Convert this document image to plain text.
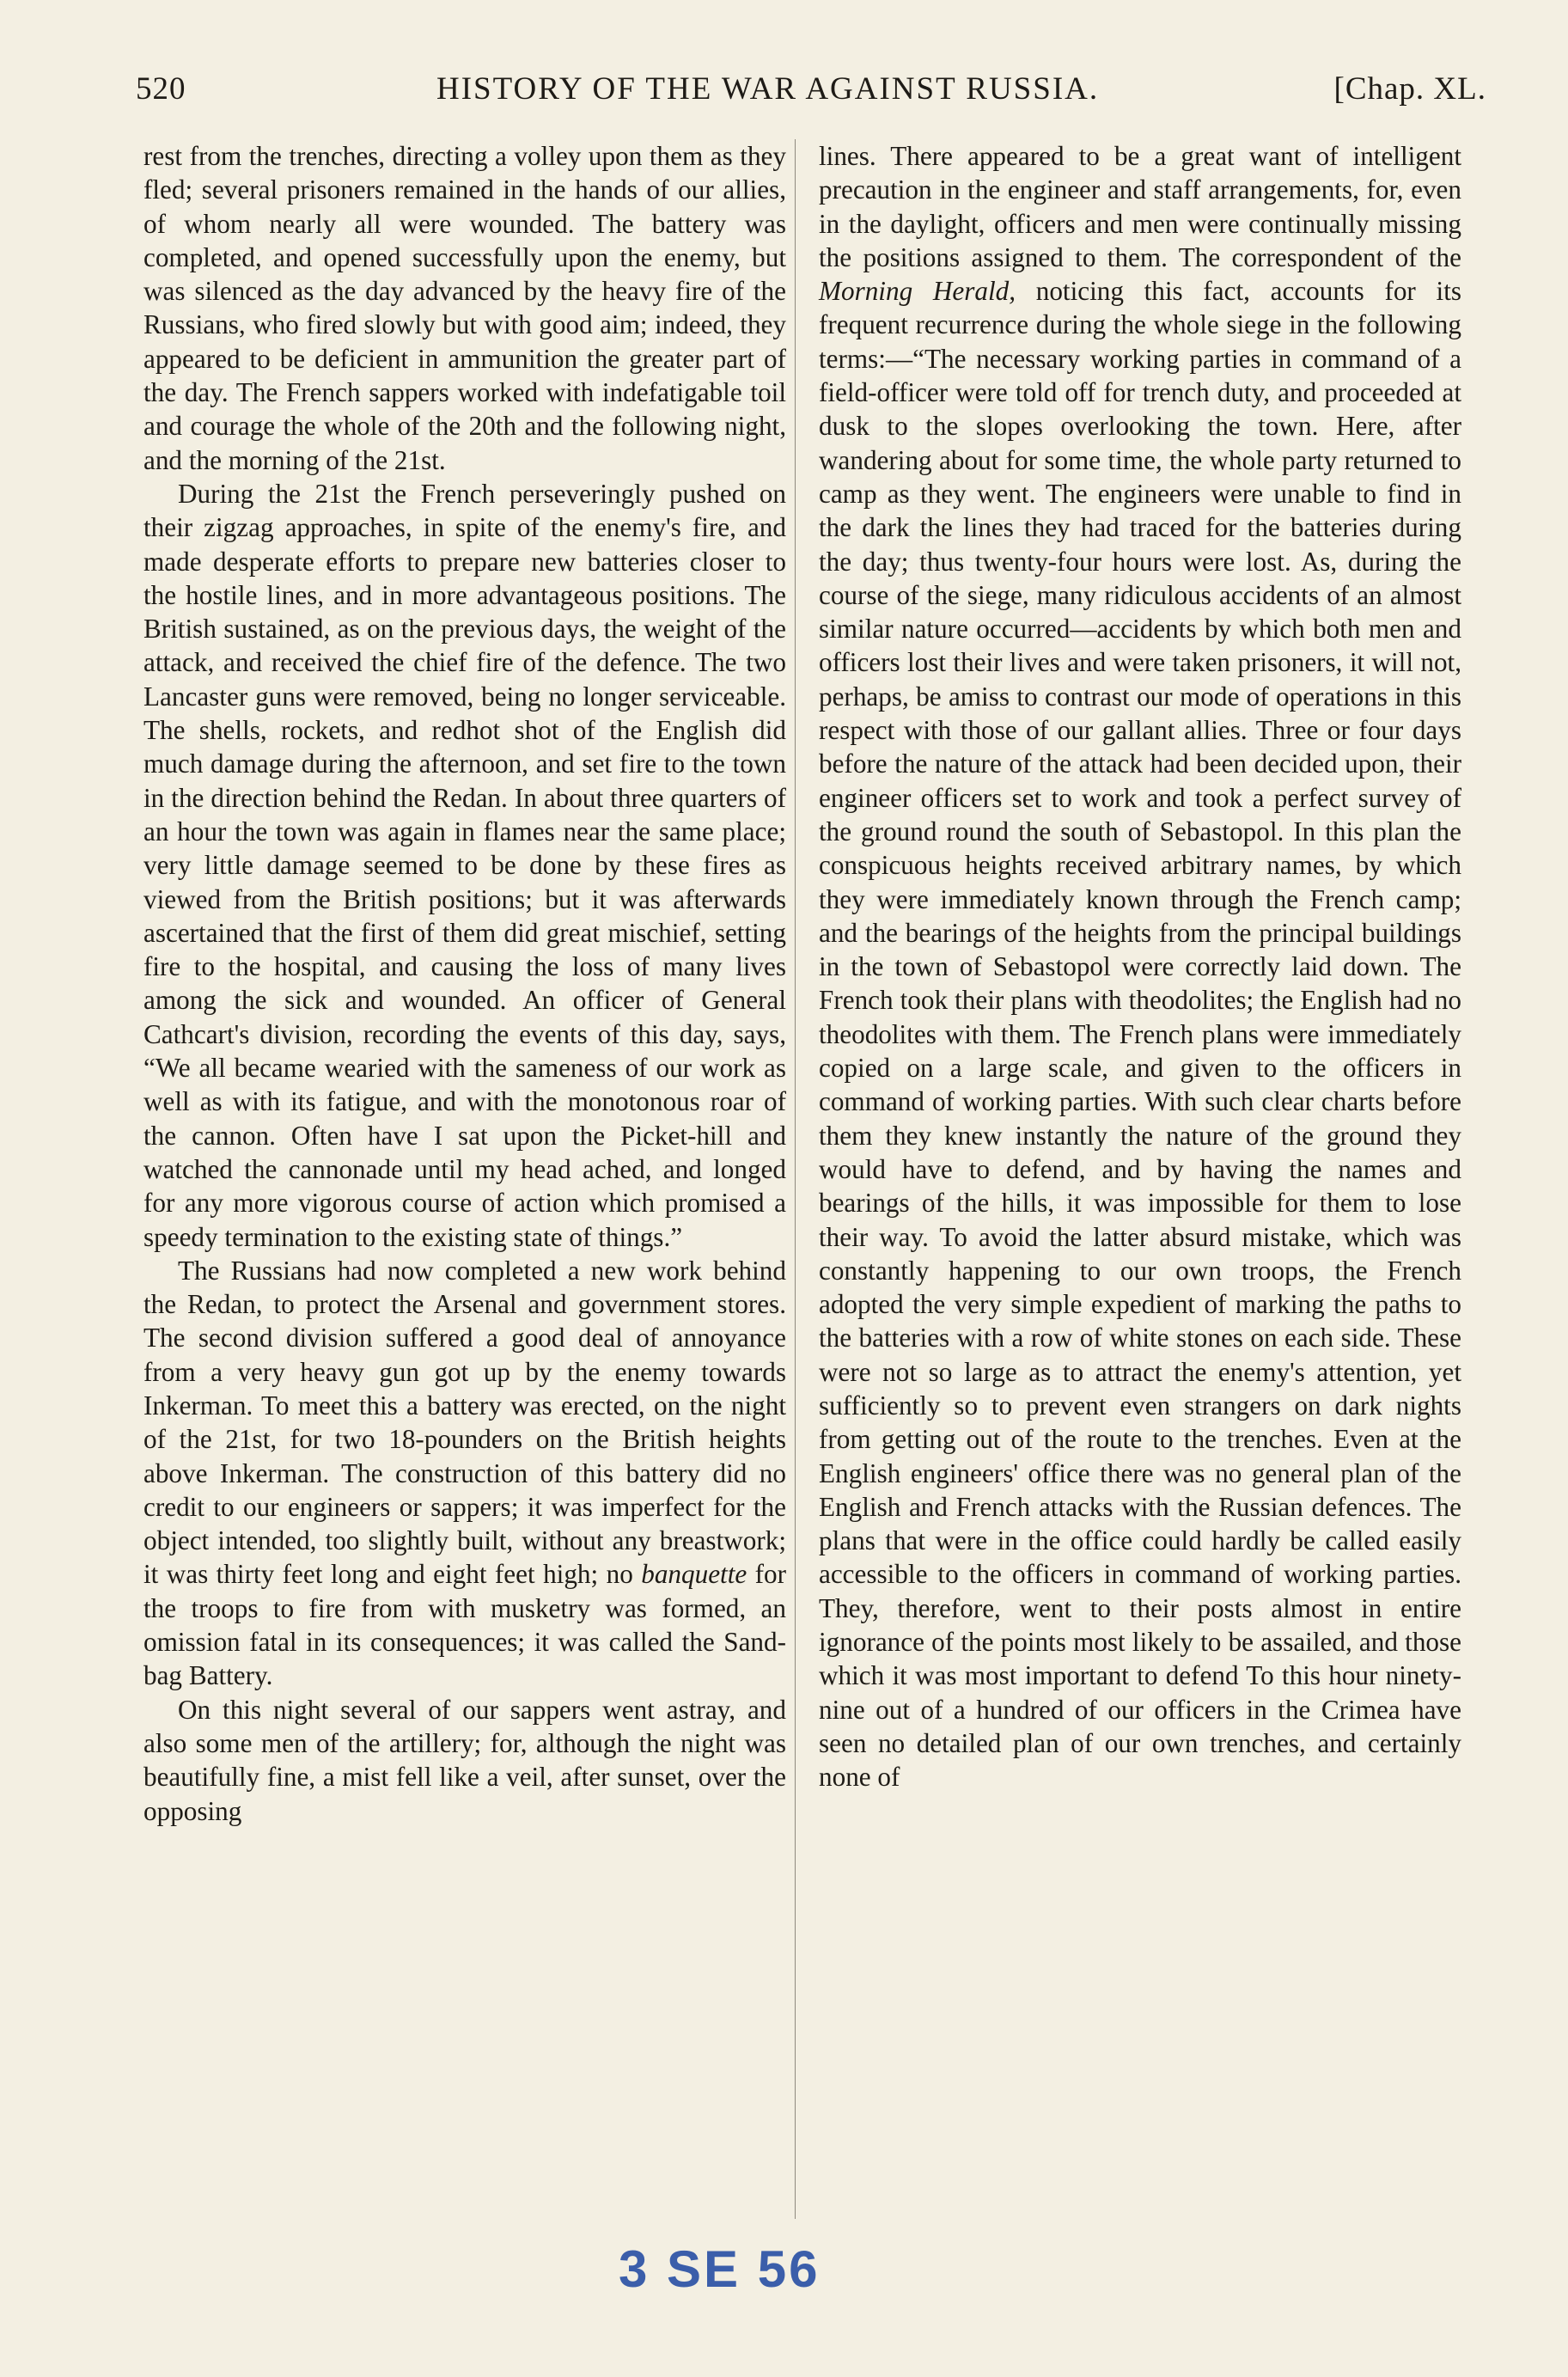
520	HISTORY OF THE WAR AGAINST RUSSIA.	[Chap. XL.

rest from the trenches, directing a volley upon them as they fled; several prisoners remained in the hands of our allies, of whom nearly all were wounded. The battery was completed, and opened successfully upon the enemy, but was silenced as the day advanced by the heavy fire of the Russians, who fired slowly but with good aim; indeed, they appeared to be deficient in ammunition the greater part of the day. The French sappers worked with indefatigable toil and courage the whole of the 20th and the following night, and the morning of the 21st.

During the 21st the French perseveringly pushed on their zigzag approaches, in spite of the enemy's fire, and made desperate efforts to prepare new batteries closer to the hostile lines, and in more advantageous positions. The British sustained, as on the previous days, the weight of the attack, and received the chief fire of the defence. The two Lancaster guns were removed, being no longer serviceable. The shells, rockets, and redhot shot of the English did much damage during the afternoon, and set fire to the town in the direction behind the Redan. In about three quarters of an hour the town was again in flames near the same place; very little damage seemed to be done by these fires as viewed from the British positions; but it was afterwards ascertained that the first of them did great mischief, setting fire to the hospital, and causing the loss of many lives among the sick and wounded. An officer of General Cathcart's division, recording the events of this day, says, “We all became wearied with the sameness of our work as well as with its fatigue, and with the monotonous roar of the cannon. Often have I sat upon the Picket-hill and watched the cannonade until my head ached, and longed for any more vigorous course of action which promised a speedy termination to the existing state of things.”

The Russians had now completed a new work behind the Redan, to protect the Arsenal and government stores. The second division suffered a good deal of annoyance from a very heavy gun got up by the enemy towards Inkerman. To meet this a battery was erected, on the night of the 21st, for two 18-pounders on the British heights above Inkerman. The construction of this battery did no credit to our engineers or sappers; it was imperfect for the object intended, too slightly built, without any breastwork; it was thirty feet long and eight feet high; no banquette for the troops to fire from with musketry was formed, an omission fatal in its consequences; it was called the Sand-bag Battery.

On this night several of our sappers went astray, and also some men of the artillery; for, although the night was beautifully fine, a mist fell like a veil, after sunset, over the opposing

lines. There appeared to be a great want of intelligent precaution in the engineer and staff arrangements, for, even in the daylight, officers and men were continually missing the positions assigned to them. The correspondent of the Morning Herald, noticing this fact, accounts for its frequent recurrence during the whole siege in the following terms:—“The necessary working parties in command of a field-officer were told off for trench duty, and proceeded at dusk to the slopes overlooking the town. Here, after wandering about for some time, the whole party returned to camp as they went. The engineers were unable to find in the dark the lines they had traced for the batteries during the day; thus twenty-four hours were lost. As, during the course of the siege, many ridiculous accidents of an almost similar nature occurred—accidents by which both men and officers lost their lives and were taken prisoners, it will not, perhaps, be amiss to contrast our mode of operations in this respect with those of our gallant allies. Three or four days before the nature of the attack had been decided upon, their engineer officers set to work and took a perfect survey of the ground round the south of Sebastopol. In this plan the conspicuous heights received arbitrary names, by which they were immediately known through the French camp; and the bearings of the heights from the principal buildings in the town of Sebastopol were correctly laid down. The French took their plans with theodolites; the English had no theodolites with them. The French plans were immediately copied on a large scale, and given to the officers in command of working parties. With such clear charts before them they knew instantly the nature of the ground they would have to defend, and by having the names and bearings of the hills, it was impossible for them to lose their way. To avoid the latter absurd mistake, which was constantly happening to our own troops, the French adopted the very simple expedient of marking the paths to the batteries with a row of white stones on each side. These were not so large as to attract the enemy's attention, yet sufficiently so to prevent even strangers on dark nights from getting out of the route to the trenches. Even at the English engineers' office there was no general plan of the English and French attacks with the Russian defences. The plans that were in the office could hardly be called easily accessible to the officers in command of working parties. They, therefore, went to their posts almost in entire ignorance of the points most likely to be assailed, and those which it was most important to defend To this hour ninety-nine out of a hundred of our officers in the Crimea have seen no detailed plan of our own trenches, and certainly none of

3 SE 56
